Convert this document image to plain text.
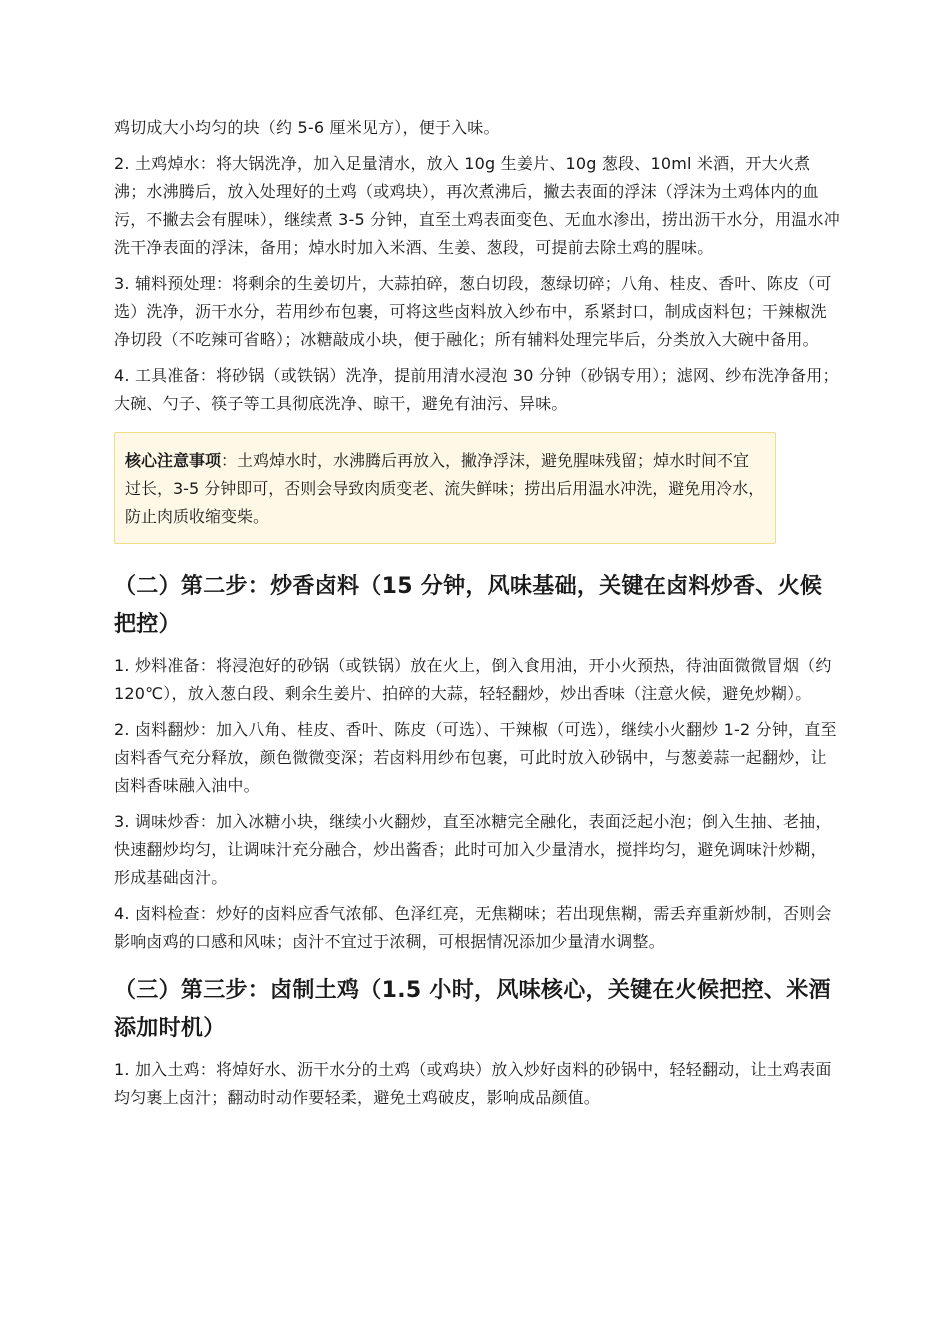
鸡切成大小均匀的块（约 5-6 厘米见方），便于入味。

2. 土鸡焯水：将大锅洗净，加入足量清水，放入 10g 生姜片、10g 葱段、10ml 米酒，开大火煮沸；水沸腾后，放入处理好的土鸡（或鸡块），再次煮沸后，撇去表面的浮沫（浮沫为土鸡体内的血污，不撇去会有腥味），继续煮 3-5 分钟，直至土鸡表面变色、无血水渗出，捞出沥干水分，用温水冲洗干净表面的浮沫，备用；焯水时加入米酒、生姜、葱段，可提前去除土鸡的腥味。

3. 辅料预处理：将剩余的生姜切片，大蒜拍碎，葱白切段，葱绿切碎；八角、桂皮、香叶、陈皮（可选）洗净，沥干水分，若用纱布包裹，可将这些卤料放入纱布中，系紧封口，制成卤料包；干辣椒洗净切段（不吃辣可省略）；冰糖敲成小块，便于融化；所有辅料处理完毕后，分类放入大碗中备用。

4. 工具准备：将砂锅（或铁锅）洗净，提前用清水浸泡 30 分钟（砂锅专用）；滤网、纱布洗净备用；大碗、勺子、筷子等工具彻底洗净、晾干，避免有油污、异味。

核心注意事项：土鸡焯水时，水沸腾后再放入，撇净浮沫，避免腥味残留；焯水时间不宜过长，3-5 分钟即可，否则会导致肉质变老、流失鲜味；捞出后用温水冲洗，避免用冷水，防止肉质收缩变柴。
（二）第二步：炒香卤料（15 分钟，风味基础，关键在卤料炒香、火候把控）

1. 炒料准备：将浸泡好的砂锅（或铁锅）放在火上，倒入食用油，开小火预热，待油面微微冒烟（约 120℃），放入葱白段、剩余生姜片、拍碎的大蒜，轻轻翻炒，炒出香味（注意火候，避免炒糊）。

2. 卤料翻炒：加入八角、桂皮、香叶、陈皮（可选）、干辣椒（可选），继续小火翻炒 1-2 分钟，直至卤料香气充分释放，颜色微微变深；若卤料用纱布包裹，可此时放入砂锅中，与葱姜蒜一起翻炒，让卤料香味融入油中。

3. 调味炒香：加入冰糖小块，继续小火翻炒，直至冰糖完全融化，表面泛起小泡；倒入生抽、老抽，快速翻炒均匀，让调味汁充分融合，炒出酱香；此时可加入少量清水，搅拌均匀，避免调味汁炒糊，形成基础卤汁。

4. 卤料检查：炒好的卤料应香气浓郁、色泽红亮，无焦糊味；若出现焦糊，需丢弃重新炒制，否则会影响卤鸡的口感和风味；卤汁不宜过于浓稠，可根据情况添加少量清水调整。

（三）第三步：卤制土鸡（1.5 小时，风味核心，关键在火候把控、米酒添加时机）

1. 加入土鸡：将焯好水、沥干水分的土鸡（或鸡块）放入炒好卤料的砂锅中，轻轻翻动，让土鸡表面均匀裹上卤汁；翻动时动作要轻柔，避免土鸡破皮，影响成品颜值。
